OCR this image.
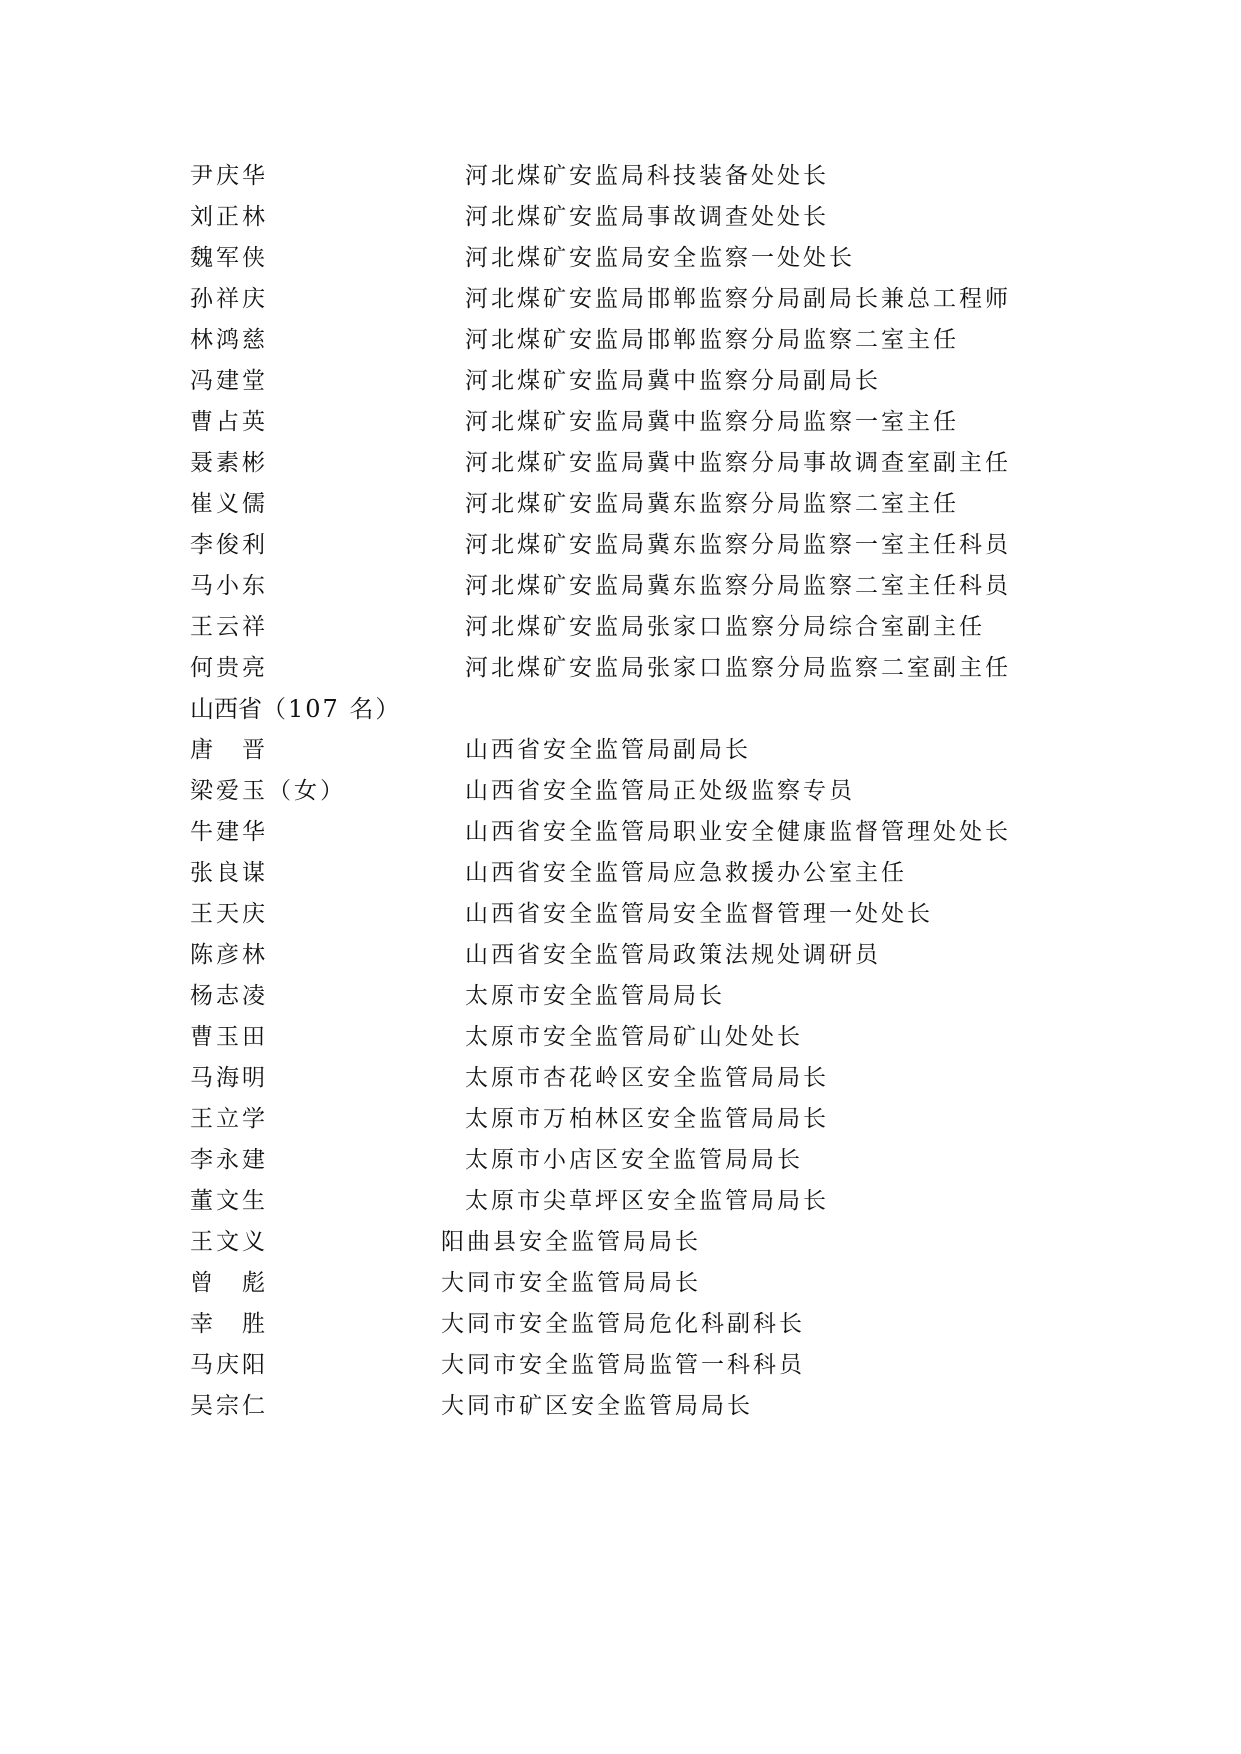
尹庆华	河北煤矿安监局科技装备处处长
刘正林	河北煤矿安监局事故调查处处长
魏军侠	河北煤矿安监局安全监察一处处长
孙祥庆	河北煤矿安监局邯郸监察分局副局长兼总工程师
林鸿慈	河北煤矿安监局邯郸监察分局监察二室主任
冯建堂	河北煤矿安监局冀中监察分局副局长
曹占英	河北煤矿安监局冀中监察分局监察一室主任
聂素彬	河北煤矿安监局冀中监察分局事故调查室副主任
崔义儒	河北煤矿安监局冀东监察分局监察二室主任
李俊利	河北煤矿安监局冀东监察分局监察一室主任科员
马小东	河北煤矿安监局冀东监察分局监察二室主任科员
王云祥	河北煤矿安监局张家口监察分局综合室副主任
何贵亮	河北煤矿安监局张家口监察分局监察二室副主任
山西省（107 名）
唐　晋	山西省安全监管局副局长
梁爱玉（女）	山西省安全监管局正处级监察专员
牛建华	山西省安全监管局职业安全健康监督管理处处长
张良谋	山西省安全监管局应急救援办公室主任
王天庆	山西省安全监管局安全监督管理一处处长
陈彦林	山西省安全监管局政策法规处调研员
杨志凌	太原市安全监管局局长
曹玉田	太原市安全监管局矿山处处长
马海明	太原市杏花岭区安全监管局局长
王立学	太原市万柏林区安全监管局局长
李永建	太原市小店区安全监管局局长
董文生	太原市尖草坪区安全监管局局长
王文义	阳曲县安全监管局局长
曾　彪	大同市安全监管局局长
幸　胜	大同市安全监管局危化科副科长
马庆阳	大同市安全监管局监管一科科员
吴宗仁	大同市矿区安全监管局局长
